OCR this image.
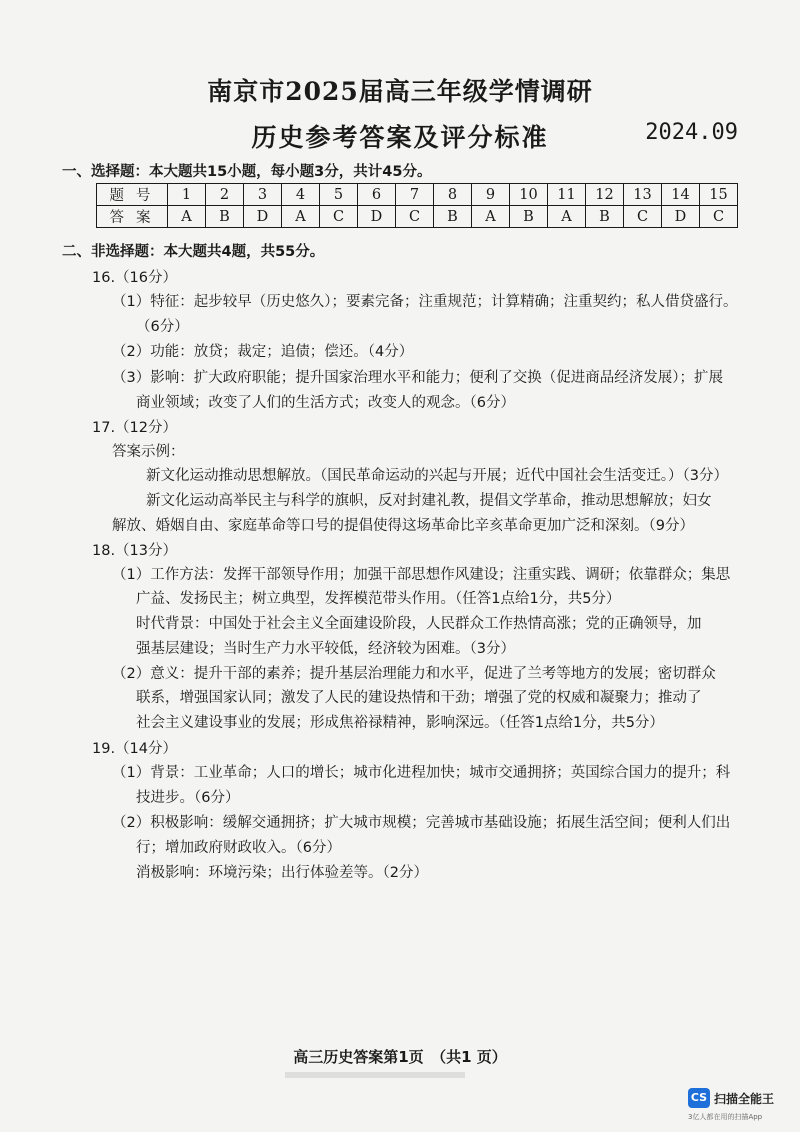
南京市2025届高三年级学情调研
历史参考答案及评分标准	2024.09
一、选择题：本大题共15小题，每小题3分，共计45分。
题号	1	2	3	4	5	6	7	8	9	10	11	12	13	14	15
答案	A	B	D	A	C	D	C	B	A	B	A	B	C	D	C
二、非选择题：本大题共4题，共55分。
16.（16分）
（1）特征：起步较早（历史悠久）；要素完备；注重规范；计算精确；注重契约；私人借贷盛行。
（6分）
（2）功能：放贷；裁定；追债；偿还。（4分）
（3）影响：扩大政府职能；提升国家治理水平和能力；便利了交换（促进商品经济发展）；扩展
商业领域；改变了人们的生活方式；改变人的观念。（6分）
17.（12分）
答案示例：
新文化运动推动思想解放。（国民革命运动的兴起与开展；近代中国社会生活变迁。）（3分）
新文化运动高举民主与科学的旗帜，反对封建礼教，提倡文学革命，推动思想解放；妇女
解放、婚姻自由、家庭革命等口号的提倡使得这场革命比辛亥革命更加广泛和深刻。（9分）
18.（13分）
（1）工作方法：发挥干部领导作用；加强干部思想作风建设；注重实践、调研；依靠群众；集思
广益、发扬民主；树立典型，发挥模范带头作用。（任答1点给1分，共5分）
时代背景：中国处于社会主义全面建设阶段，人民群众工作热情高涨；党的正确领导，加
强基层建设；当时生产力水平较低，经济较为困难。（3分）
（2）意义：提升干部的素养；提升基层治理能力和水平，促进了兰考等地方的发展；密切群众
联系，增强国家认同；激发了人民的建设热情和干劲；增强了党的权威和凝聚力；推动了
社会主义建设事业的发展；形成焦裕禄精神，影响深远。（任答1点给1分，共5分）
19.（14分）
（1）背景：工业革命；人口的增长；城市化进程加快；城市交通拥挤；英国综合国力的提升；科
技进步。（6分）
（2）积极影响：缓解交通拥挤；扩大城市规模；完善城市基础设施；拓展生活空间；便利人们出
行；增加政府财政收入。（6分）
消极影响：环境污染；出行体验差等。（2分）
高三历史答案第1页　（共1 页）
CS 扫描全能王
3亿人都在用的扫描App
